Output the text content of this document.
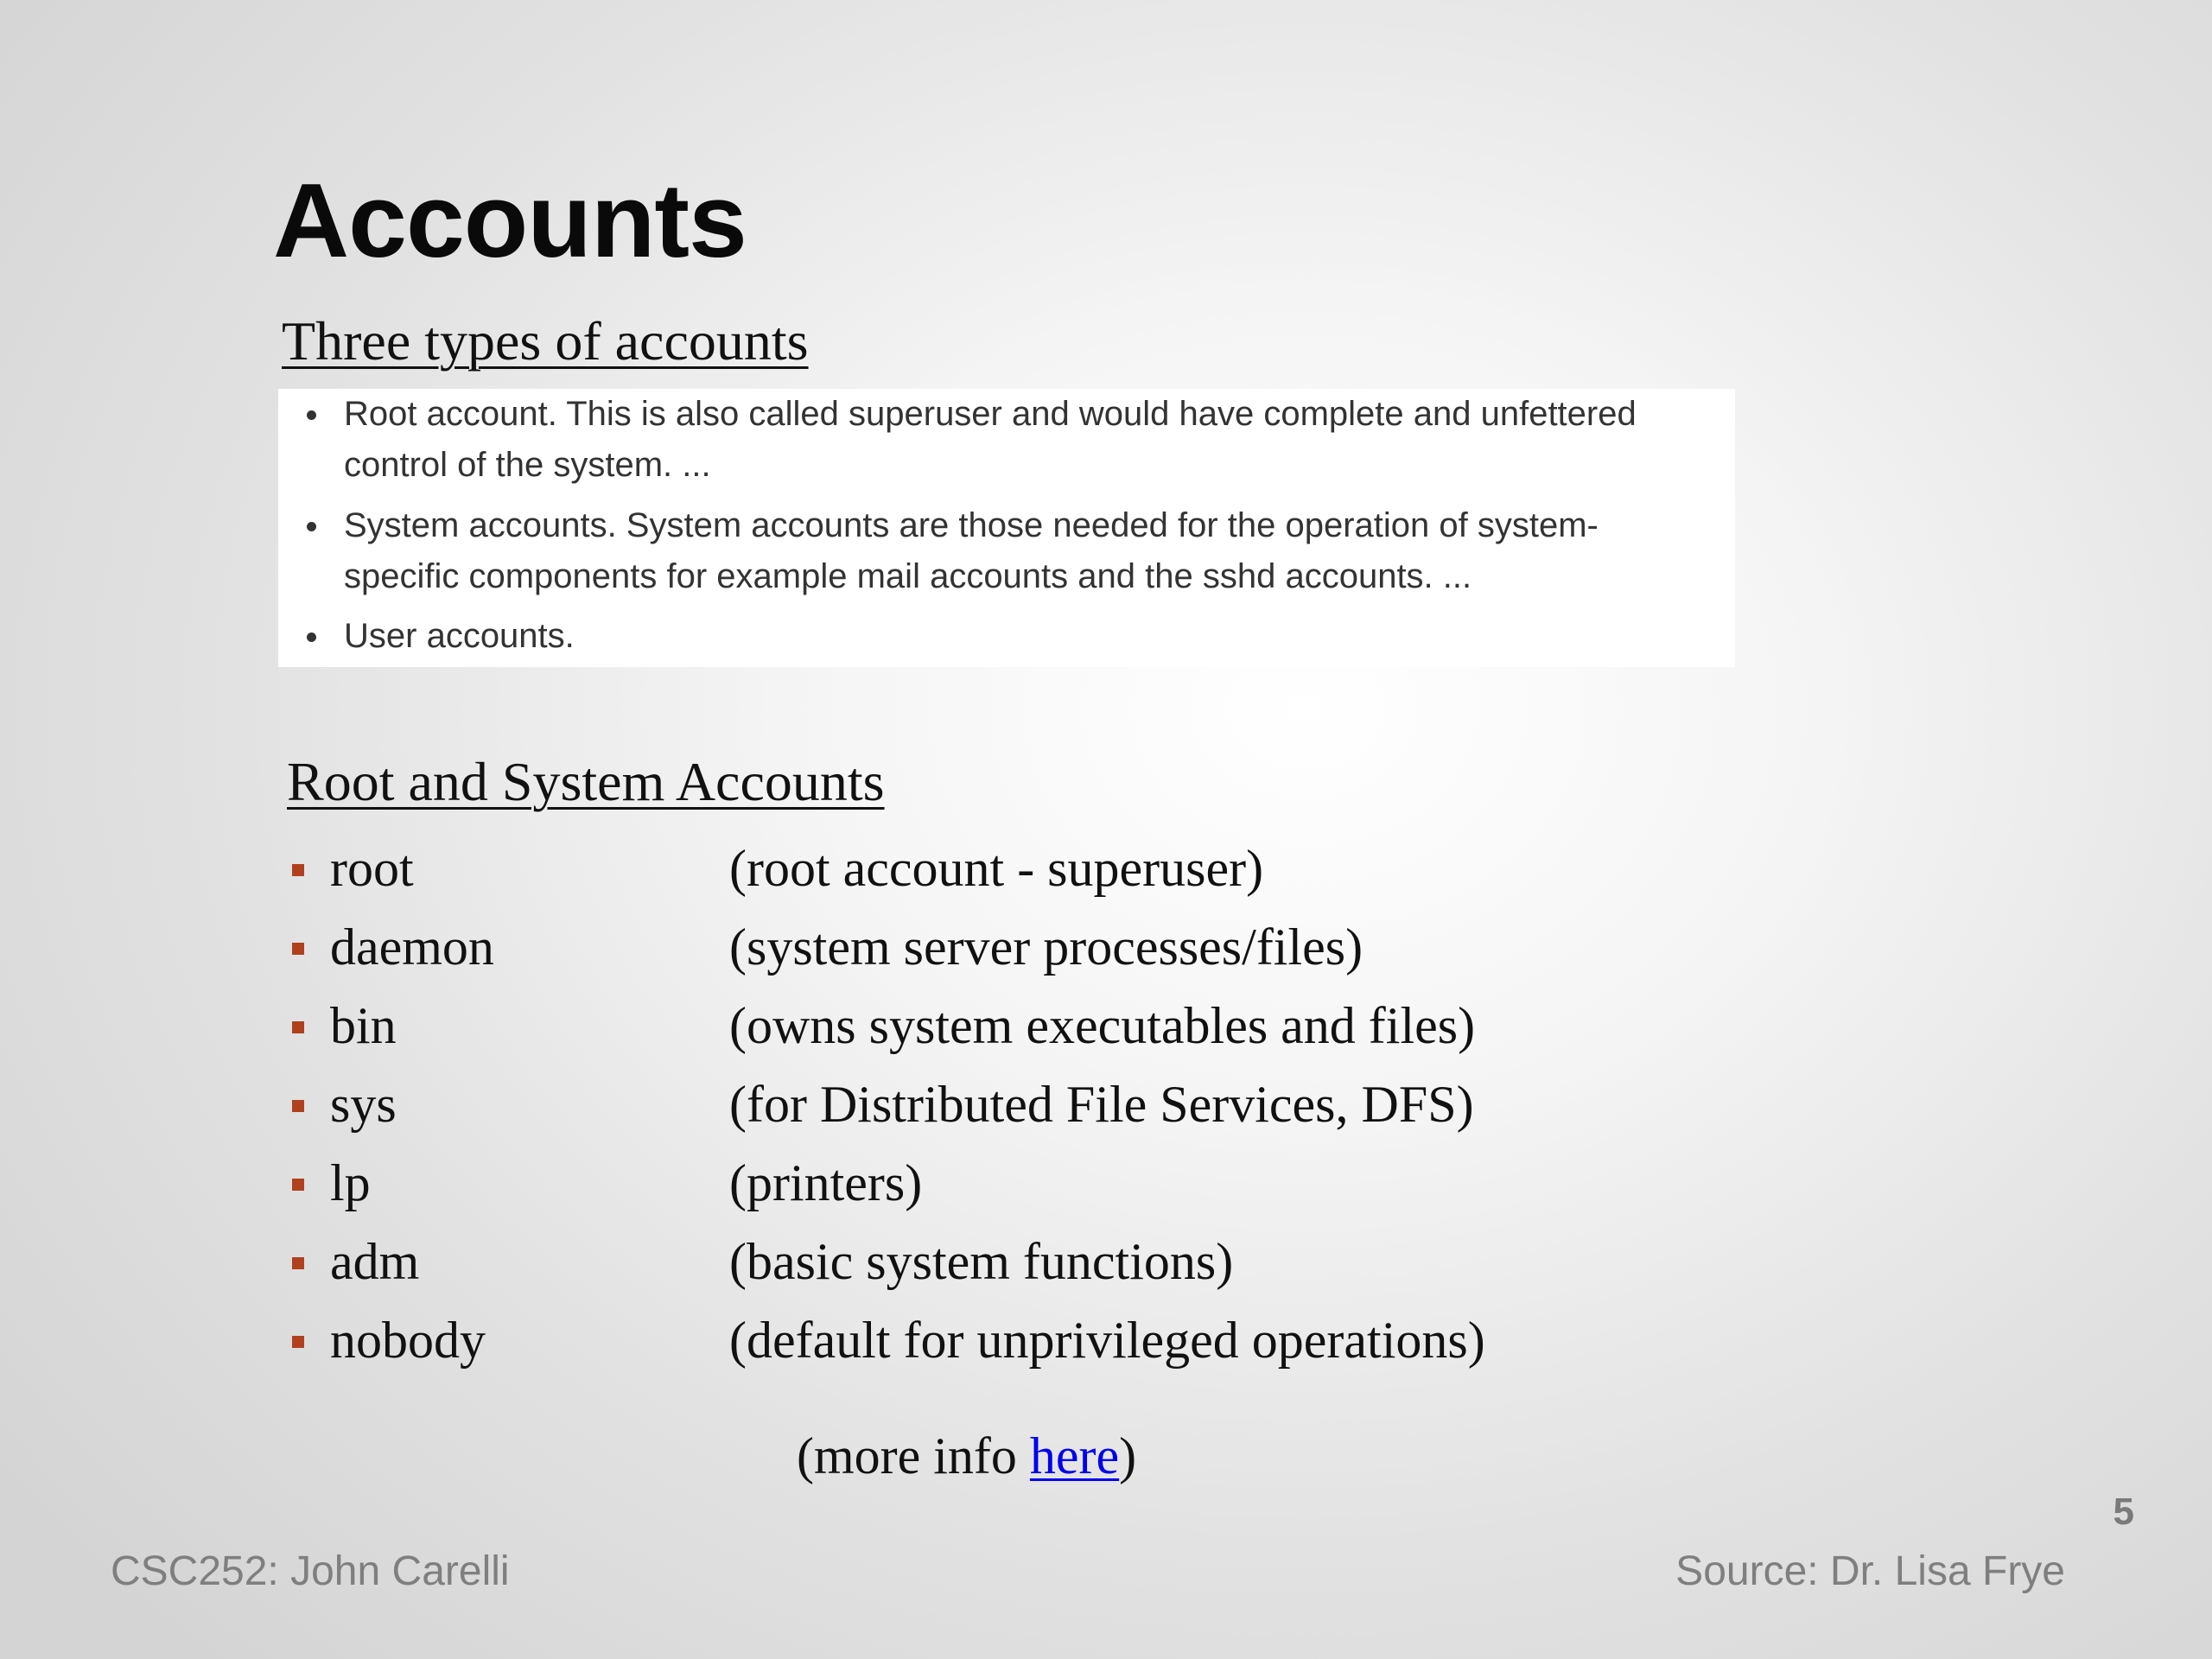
Accounts
Three types of accounts
Root account. This is also called superuser and would have complete and unfettered
control of the system. ...
System accounts. System accounts are those needed for the operation of system-
specific components for example mail accounts and the sshd accounts. ...
User accounts.
Root and System Accounts
root	(root account - superuser)
daemon	(system server processes/files)
bin	(owns system executables and files)
sys	(for Distributed File Services, DFS)
lp	(printers)
adm	(basic system functions)
nobody	(default for unprivileged operations)
(more info here)
5
CSC252: John Carelli	Source: Dr. Lisa Frye
